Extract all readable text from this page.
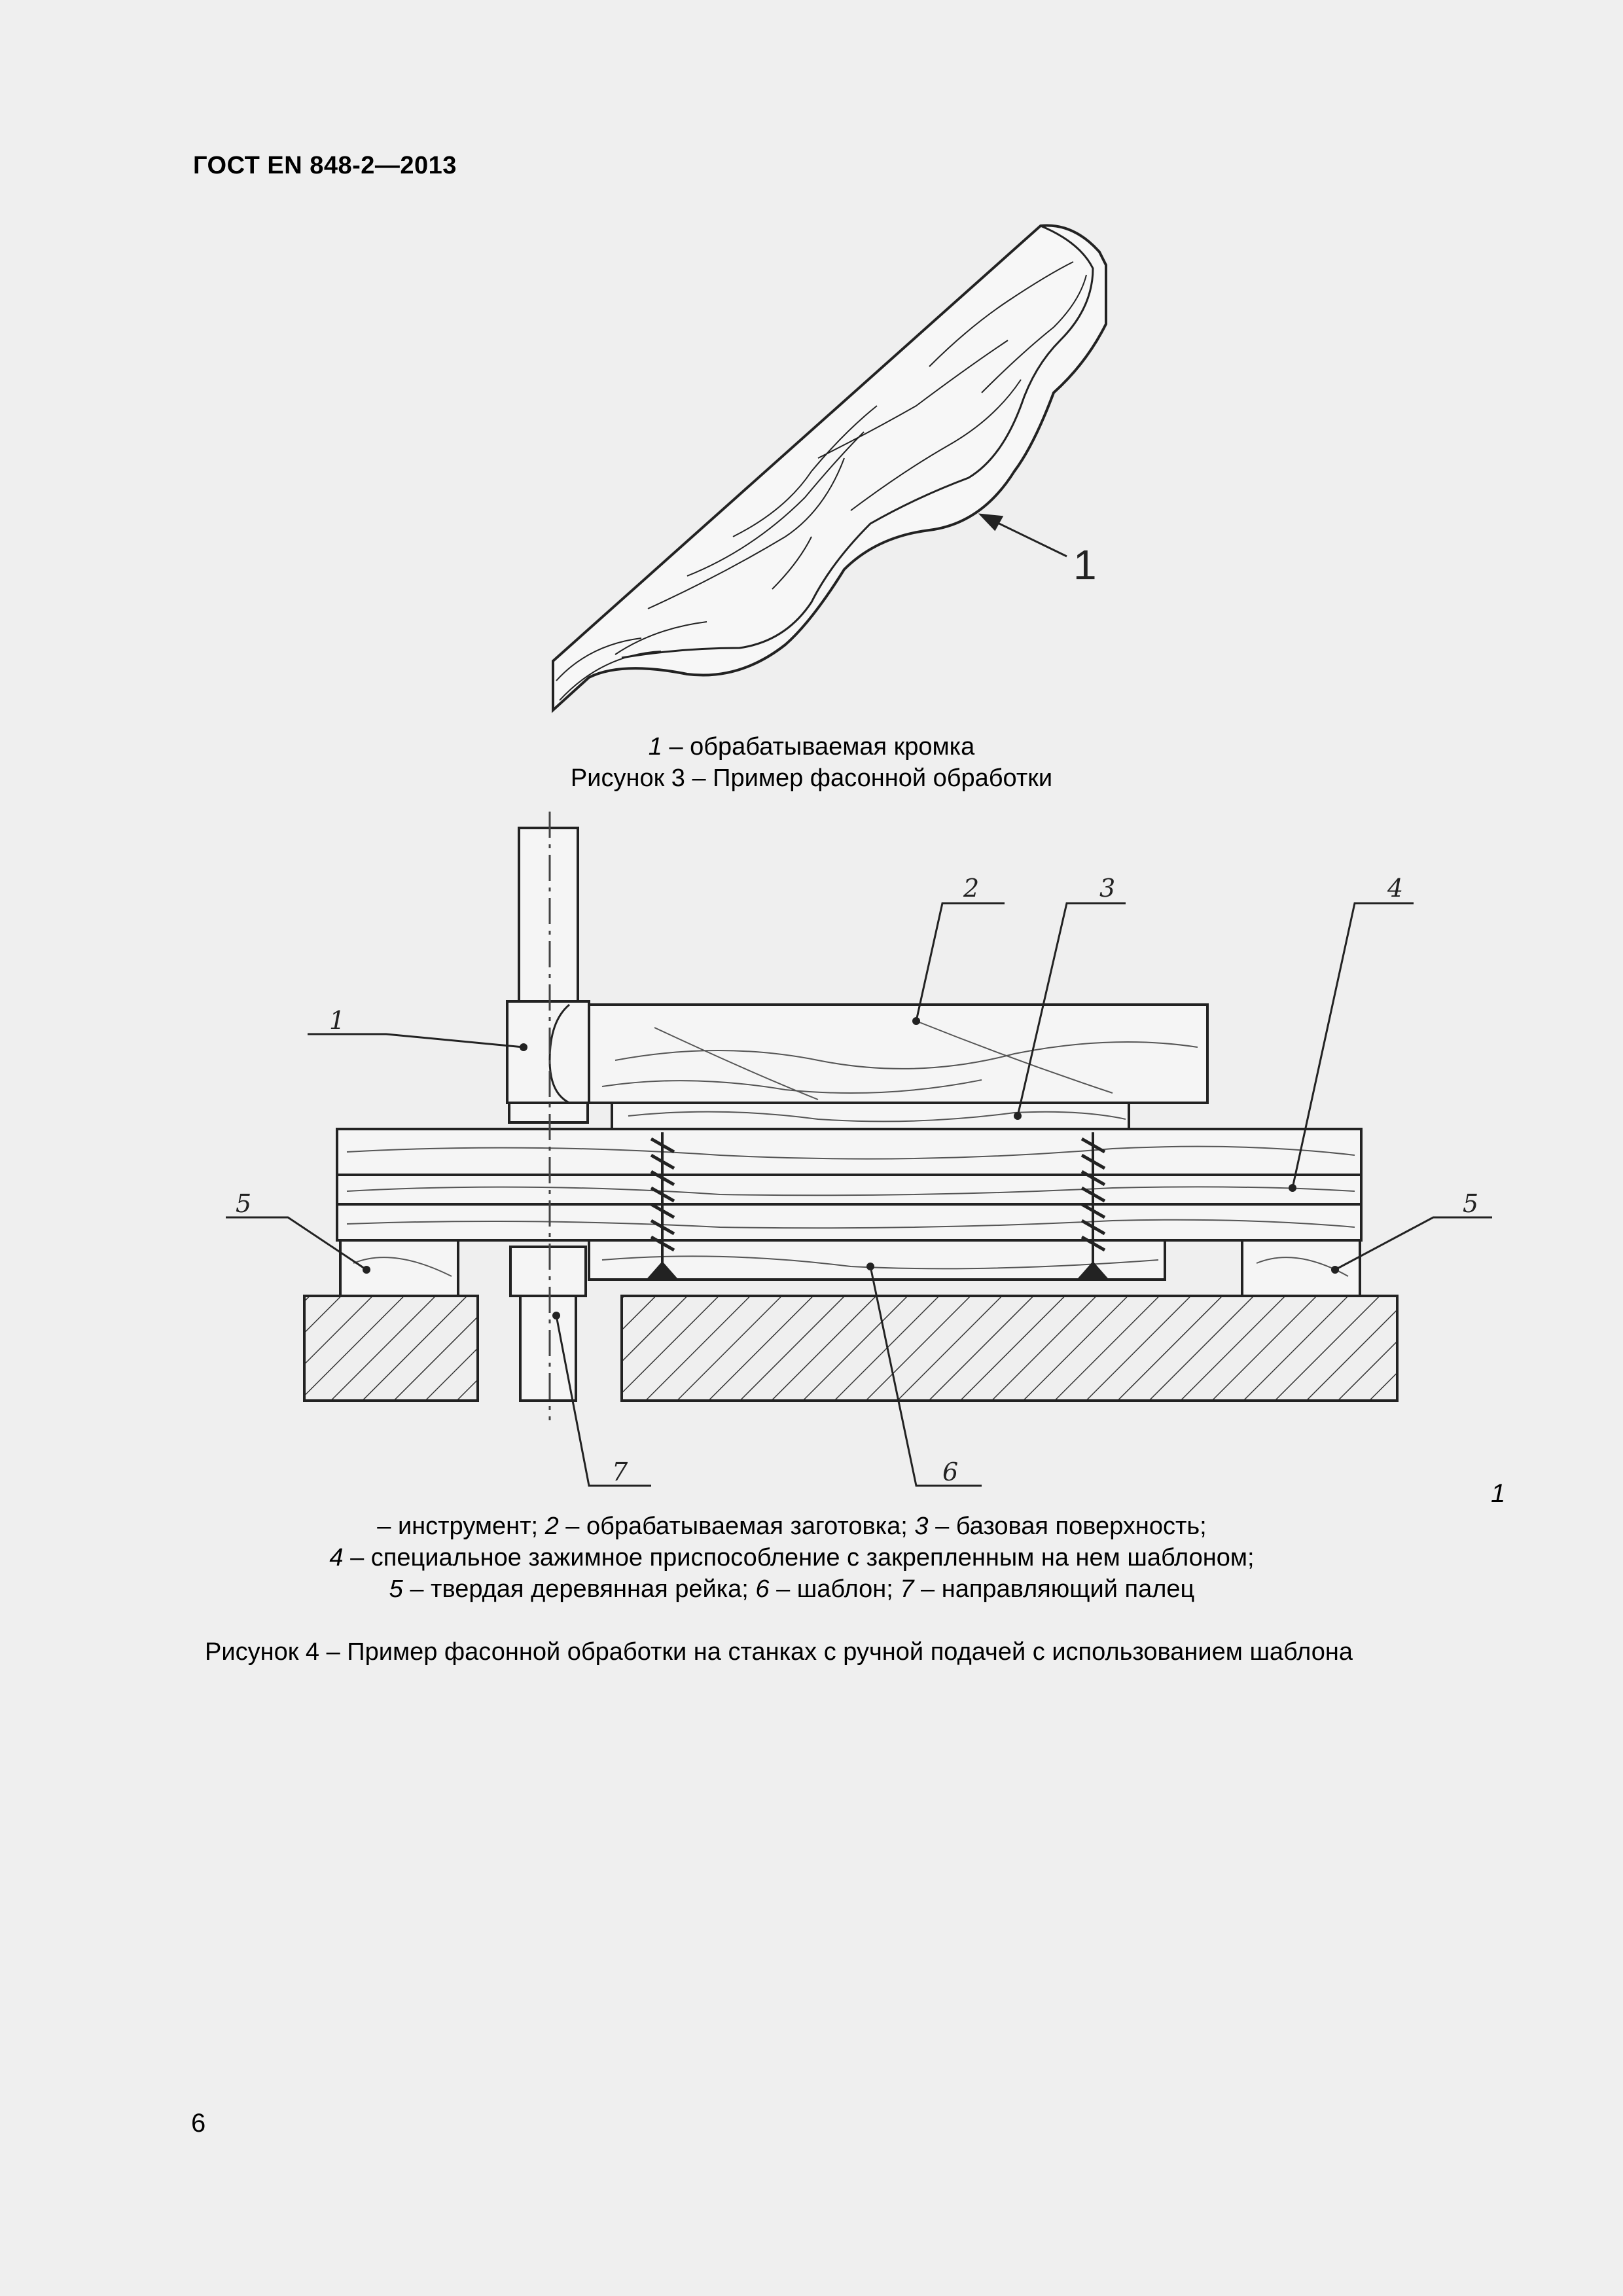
ГОСТ EN 848-2—2013
1
1
2	3	4
5	5
6
7
1 – обрабатываемая кромка
Рисунок 3 – Пример фасонной обработки
1
– инструмент; 2 – обрабатываемая заготовка; 3 – базовая поверхность;
4 – специальное зажимное приспособление с закрепленным на нем шаблоном;
5 – твердая деревянная рейка; 6 – шаблон; 7 – направляющий палец
Рисунок 4 – Пример фасонной обработки на станках с ручной подачей с использованием шаблона
6
